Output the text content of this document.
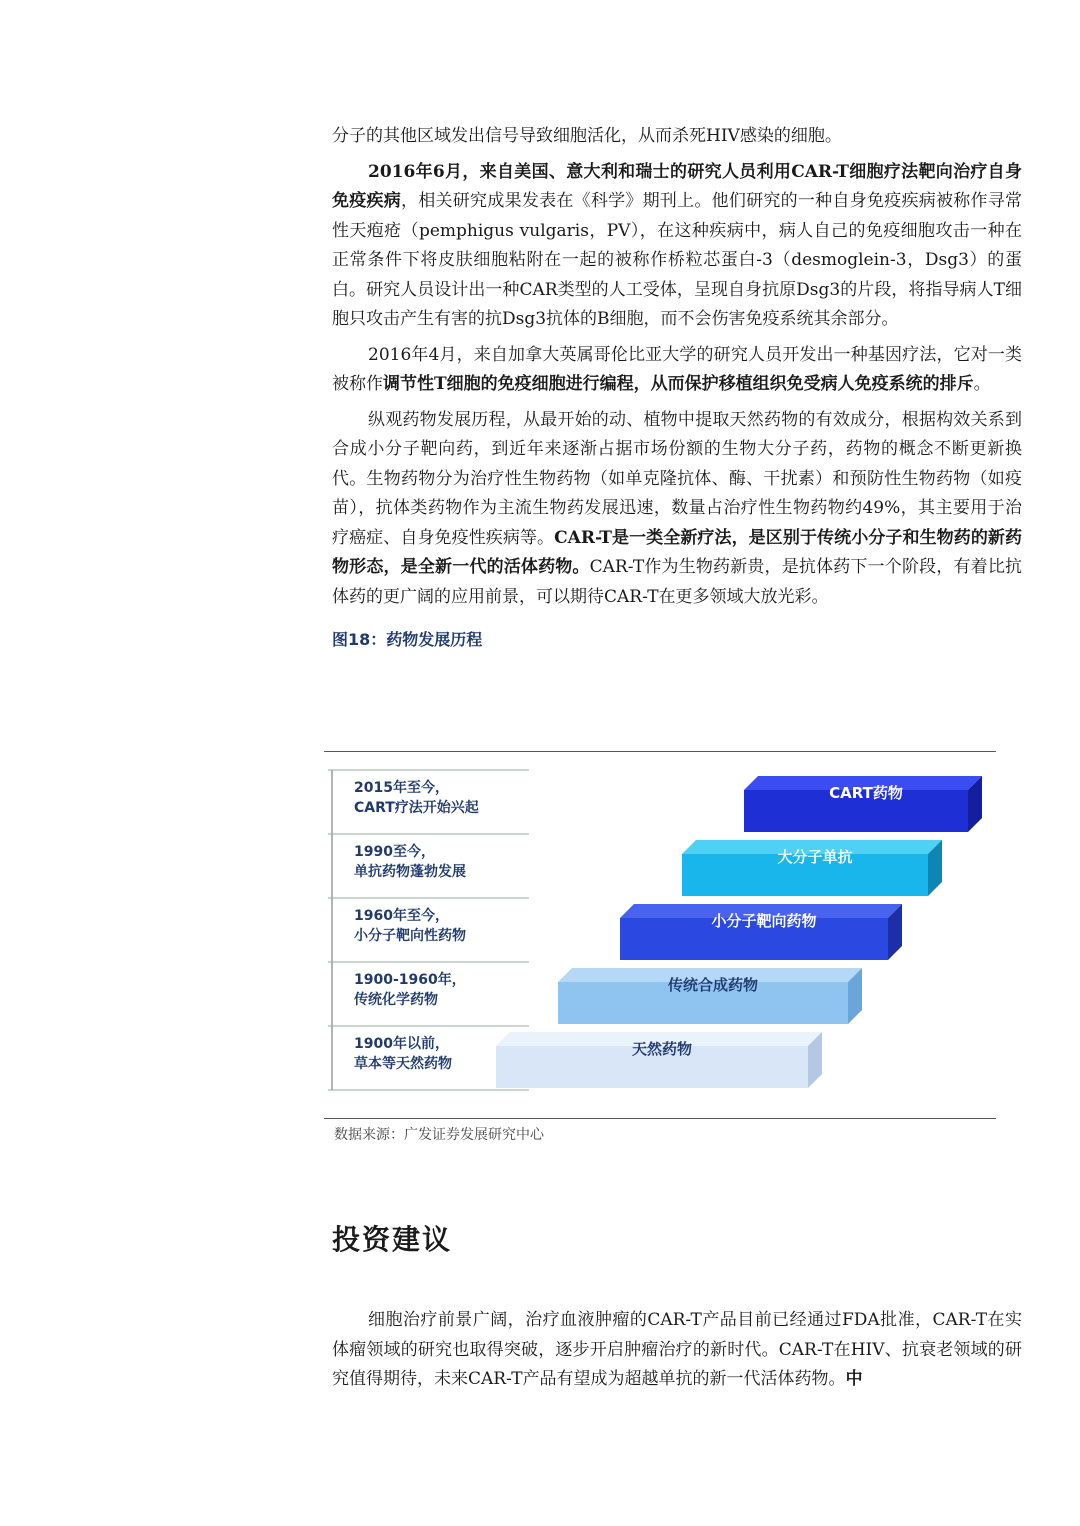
分子的其他区域发出信号导致细胞活化，从而杀死HIV感染的细胞。

2016年6月，来自美国、意大利和瑞士的研究人员利用CAR-T细胞疗法靶向治疗自身免疫疾病，相关研究成果发表在《科学》期刊上。他们研究的一种自身免疫疾病被称作寻常性天疱疮（pemphigus vulgaris，PV），在这种疾病中，病人自己的免疫细胞攻击一种在正常条件下将皮肤细胞粘附在一起的被称作桥粒芯蛋白-3（desmoglein-3，Dsg3）的蛋白。研究人员设计出一种CAR类型的人工受体，呈现自身抗原Dsg3的片段，将指导病人T细胞只攻击产生有害的抗Dsg3抗体的B细胞，而不会伤害免疫系统其余部分。

2016年4月，来自加拿大英属哥伦比亚大学的研究人员开发出一种基因疗法，它对一类被称作调节性T细胞的免疫细胞进行编程，从而保护移植组织免受病人免疫系统的排斥。

纵观药物发展历程，从最开始的动、植物中提取天然药物的有效成分，根据构效关系到合成小分子靶向药，到近年来逐渐占据市场份额的生物大分子药，药物的概念不断更新换代。生物药物分为治疗性生物药物（如单克隆抗体、酶、干扰素）和预防性生物药物（如疫苗），抗体类药物作为主流生物药发展迅速，数量占治疗性生物药物约49%，其主要用于治疗癌症、自身免疫性疾病等。CAR-T是一类全新疗法，是区别于传统小分子和生物药的新药物形态，是全新一代的活体药物。CAR-T作为生物药新贵，是抗体药下一个阶段，有着比抗体药的更广阔的应用前景，可以期待CAR-T在更多领域大放光彩。

图18：药物发展历程
2015年至今，
CART疗法开始兴起
1990至今，
单抗药物蓬勃发展
1960年至今，
小分子靶向性药物
1900-1960年，
传统化学药物
1900年以前，
草本等天然药物
CART药物
大分子单抗
小分子靶向药物
传统合成药物
天然药物
数据来源：广发证券发展研究中心
投资建议

细胞治疗前景广阔，治疗血液肿瘤的CAR-T产品目前已经通过FDA批准，CAR-T在实体瘤领域的研究也取得突破，逐步开启肿瘤治疗的新时代。CAR-T在HIV、抗衰老领域的研究值得期待，未来CAR-T产品有望成为超越单抗的新一代活体药物。中
